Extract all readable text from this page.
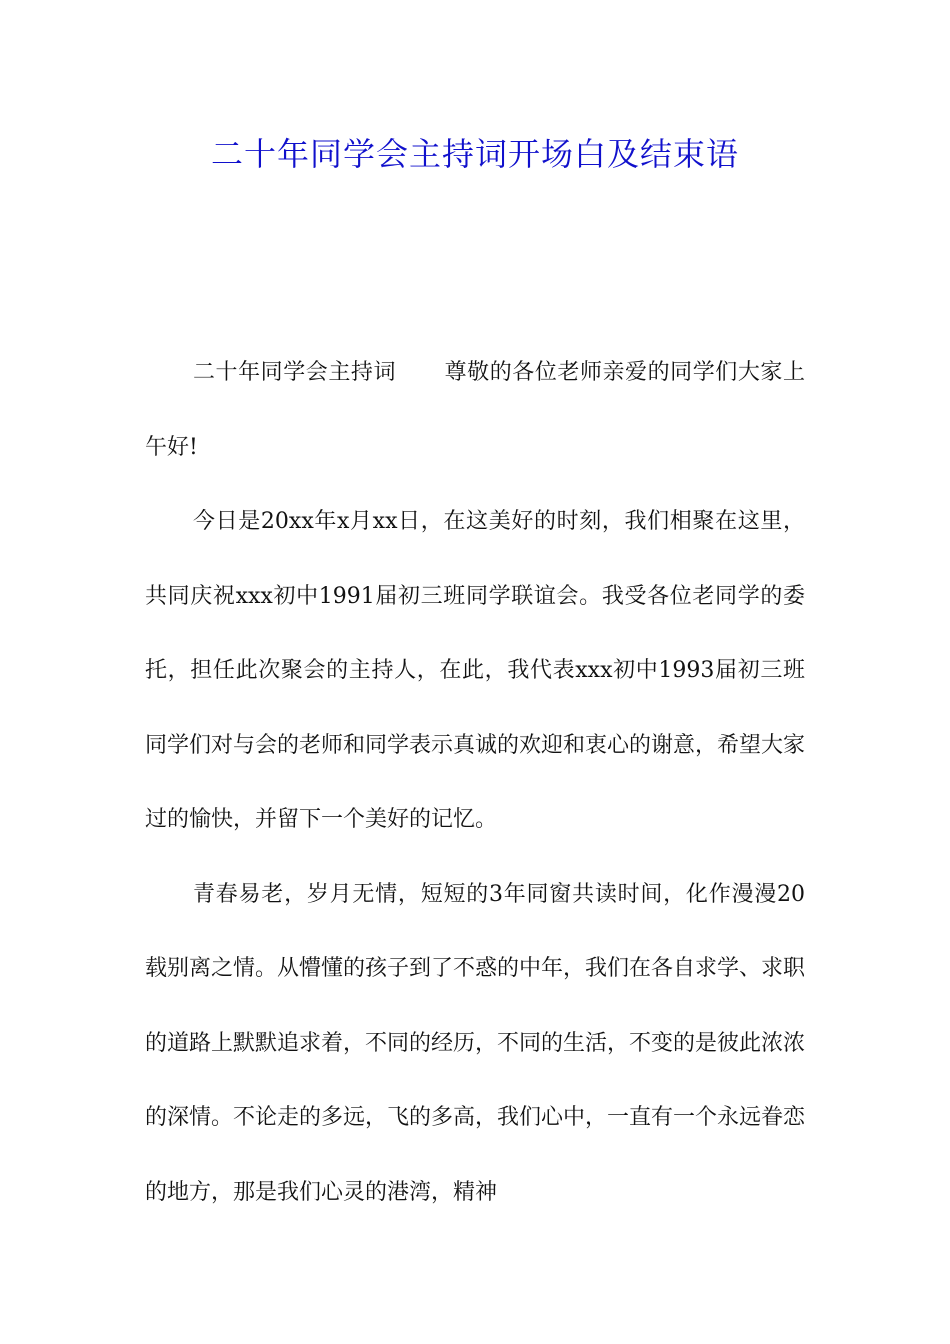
二十年同学会主持词开场白及结束语

二十年同学会主持词 尊敬的各位老师亲爱的同学们大家上午好!

今日是20xx年x月xx日，在这美好的时刻，我们相聚在这里，共同庆祝xxx初中1991届初三班同学联谊会。我受各位老同学的委托，担任此次聚会的主持人，在此，我代表xxx初中1993届初三班同学们对与会的老师和同学表示真诚的欢迎和衷心的谢意，希望大家过的愉快，并留下一个美好的记忆。

青春易老，岁月无情，短短的3年同窗共读时间，化作漫漫20载别离之情。从懵懂的孩子到了不惑的中年，我们在各自求学、求职的道路上默默追求着，不同的经历，不同的生活，不变的是彼此浓浓的深情。不论走的多远，飞的多高，我们心中，一直有一个永远眷恋的地方，那是我们心灵的港湾，精神
